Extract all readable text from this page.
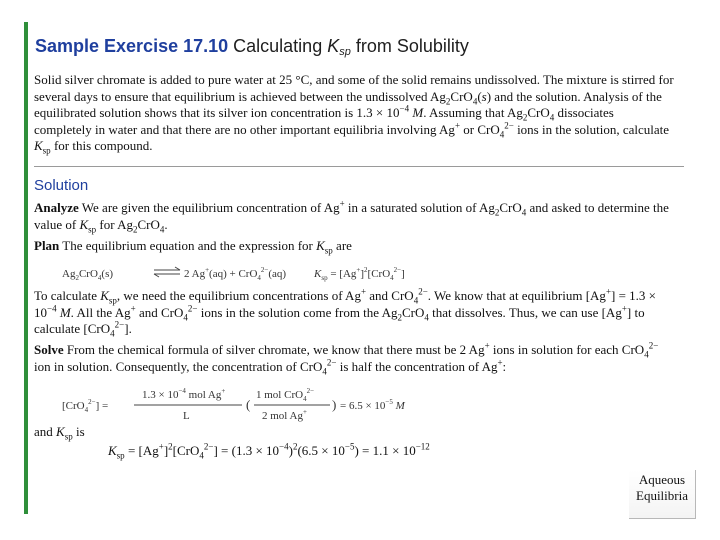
Sample Exercise 17.10 Calculating $K_{sp}$ from Solubility
Solid silver chromate is added to pure water at 25 °C, and some of the solid remains undissolved. The mixture is stirred for several days to ensure that equilibrium is achieved between the undissolved $Ag_2CrO_4(s)$ and the solution. Analysis of the equilibrated solution shows that its silver ion concentration is $1.3 \times 10^{-4}$ M. Assuming that $Ag_2CrO_4$ dissociates completely in water and that there are no other important equilibria involving Ag+ or CrO$_4^{2-}$ ions in the solution, calculate $K_{sp}$ for this compound.
Solution
Analyze We are given the equilibrium concentration of Ag+ in a saturated solution of $Ag_2CrO_4$ and asked to determine the value of $K_{sp}$ for $Ag_2CrO_4$.
Plan The equilibrium equation and the expression for $K_{sp}$ are
$Ag_2CrO_4(s)$	2 Ag+(aq) + CrO$_4^{2-}$(aq)	$K_{sp} = [Ag^+]^2[CrO_4^{2-}]$
To calculate $K_{sp}$, we need the equilibrium concentrations of Ag+ and CrO$_4^{2-}$. We know that at equilibrium $[Ag^+] = 1.3 \times 10^{-4}$ M. All the Ag+ and CrO$_4^{2-}$ ions in the solution come from the $Ag_2CrO_4$ that dissolves. Thus, we can use [Ag+] to calculate [CrO$_4^{2-}$].
Solve From the chemical formula of silver chromate, we know that there must be 2 Ag+ ions in solution for each CrO$_4^{2-}$ ion in solution. Consequently, the concentration of CrO$_4^{2-}$ is half the concentration of Ag+:
[CrO$_4^{2-}$] =
$1.3 \times 10^{-4}$ mol Ag+
L
(
1 mol CrO$_4^{2-}$
2 mol Ag+ ) = $6.5 \times 10^{-5}$ M
and $K_{sp}$ is
$K_{sp} = [Ag^+]^2[CrO_4^{2-}] = (1.3 \times 10^{-4})^2(6.5 \times 10^{-5}) = 1.1 \times 10^{-12}$
Aqueous
Equilibria
